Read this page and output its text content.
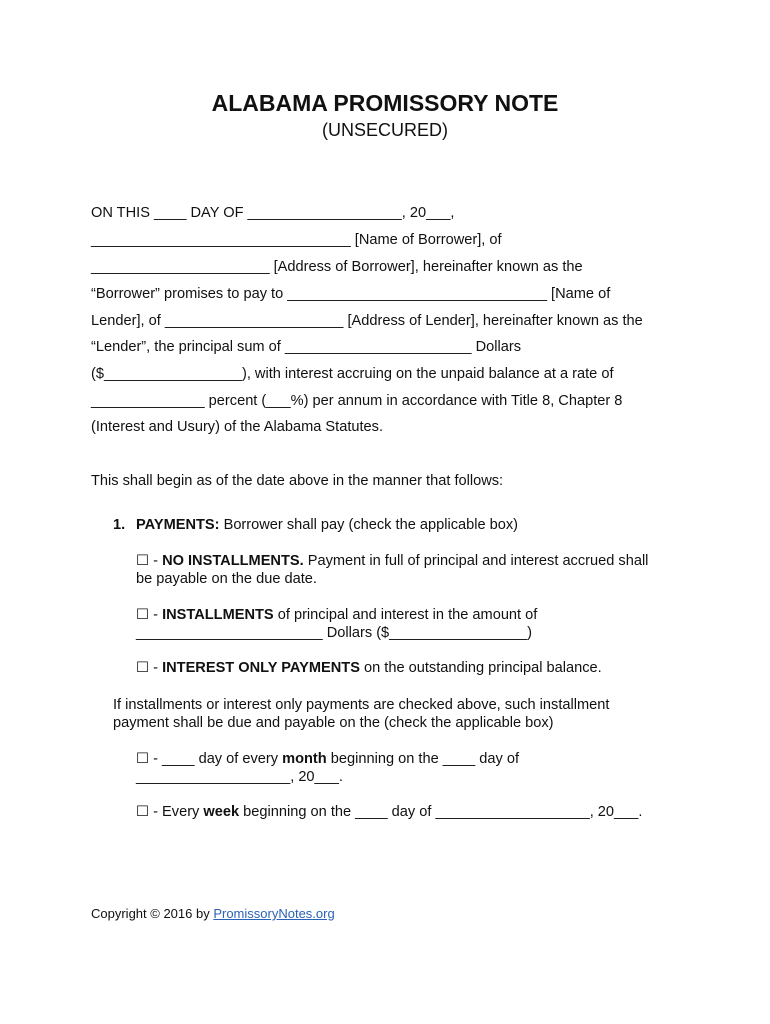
ALABAMA PROMISSORY NOTE
(UNSECURED)
ON THIS ____ DAY OF ___________________, 20___,
________________________________ [Name of Borrower], of
______________________ [Address of Borrower], hereinafter known as the
“Borrower” promises to pay to ________________________________ [Name of
Lender], of ______________________ [Address of Lender], hereinafter known as the
“Lender”, the principal sum of _______________________ Dollars
($_________________), with interest accruing on the unpaid balance at a rate of
______________ percent (___%) per annum in accordance with Title 8, Chapter 8
(Interest and Usury) of the Alabama Statutes.
This shall begin as of the date above in the manner that follows:
1. PAYMENTS: Borrower shall pay (check the applicable box)
☐ - NO INSTALLMENTS. Payment in full of principal and interest accrued shall
be payable on the due date.
☐ - INSTALLMENTS of principal and interest in the amount of
_______________________ Dollars ($_________________)
☐ - INTEREST ONLY PAYMENTS on the outstanding principal balance.
If installments or interest only payments are checked above, such installment
payment shall be due and payable on the (check the applicable box)
☐ - ____ day of every month beginning on the ____ day of
___________________, 20___.
☐ - Every week beginning on the ____ day of ___________________, 20___.
Copyright © 2016 by PromissoryNotes.org
